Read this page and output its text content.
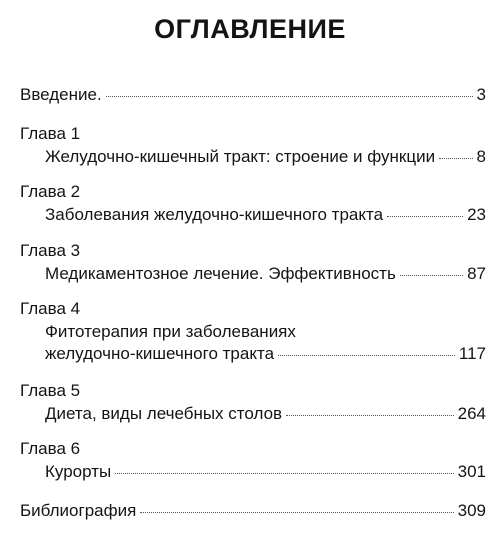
ОГЛАВЛЕНИЕ
Введение.	3
Глава 1
Желудочно-кишечный тракт: строение и функции 8
Глава 2
Заболевания желудочно-кишечного тракта	23
Глава 3
Медикаментозное лечение. Эффективность	87
Глава 4
Фитотерапия при заболеваниях
желудочно-кишечного тракта	117
Глава 5
Диета, виды лечебных столов	264
Глава 6
Курорты	301
Библиография	309
